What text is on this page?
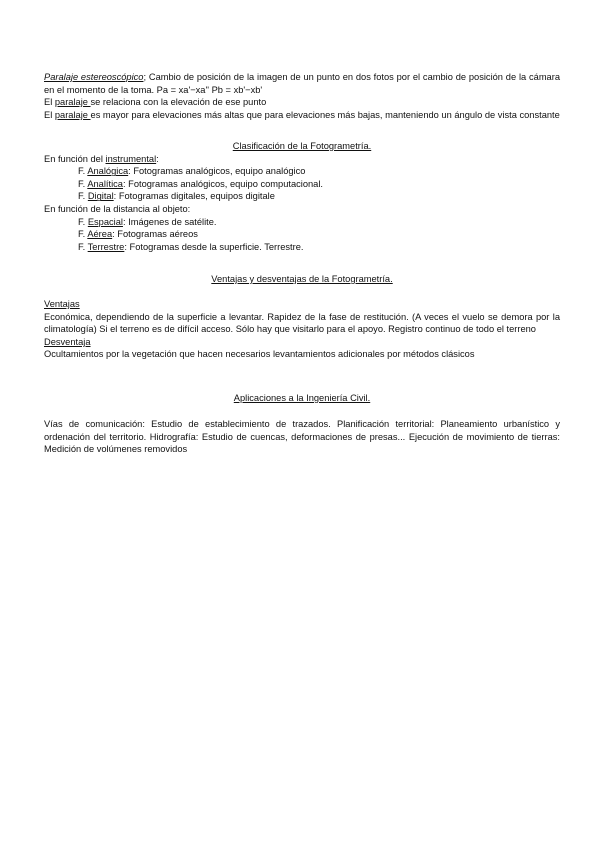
Paralaje estereoscópico; Cambio de posición de la imagen de un punto en dos fotos por el cambio de posición de la cámara en el momento de la toma. Pa = xa'−xa'' Pb = xb'−xb'

El paralaje se relaciona con la elevación de ese punto

El paralaje es mayor para elevaciones más altas que para elevaciones más bajas, manteniendo un ángulo de vista constante

Clasificación de la Fotogrametría.

En función del instrumental:

F. Analógica: Fotogramas analógicos, equipo analógico

F. Analítica: Fotogramas analógicos, equipo computacional.

F. Digital: Fotogramas digitales, equipos digitale

En función de la distancia al objeto:

F. Espacial: Imágenes de satélite.

F. Aérea: Fotogramas aéreos

F. Terrestre: Fotogramas desde la superficie. Terrestre.

Ventajas y desventajas de la Fotogrametría.

Ventajas

Económica, dependiendo de la superficie a levantar. Rapidez de la fase de restitución. (A veces el vuelo se demora por la climatología) Si el terreno es de difícil acceso. Sólo hay que visitarlo para el apoyo. Registro continuo de todo el terreno

Desventaja

Ocultamientos por la vegetación que hacen necesarios levantamientos adicionales por métodos clásicos

Aplicaciones a la Ingeniería Civil.
Vías de comunicación: Estudio de establecimiento de trazados. Planificación territorial: Planeamiento urbanístico y ordenación del territorio. Hidrografía: Estudio de cuencas, deformaciones de presas... Ejecución de movimiento de tierras: Medición de volúmenes removidos
